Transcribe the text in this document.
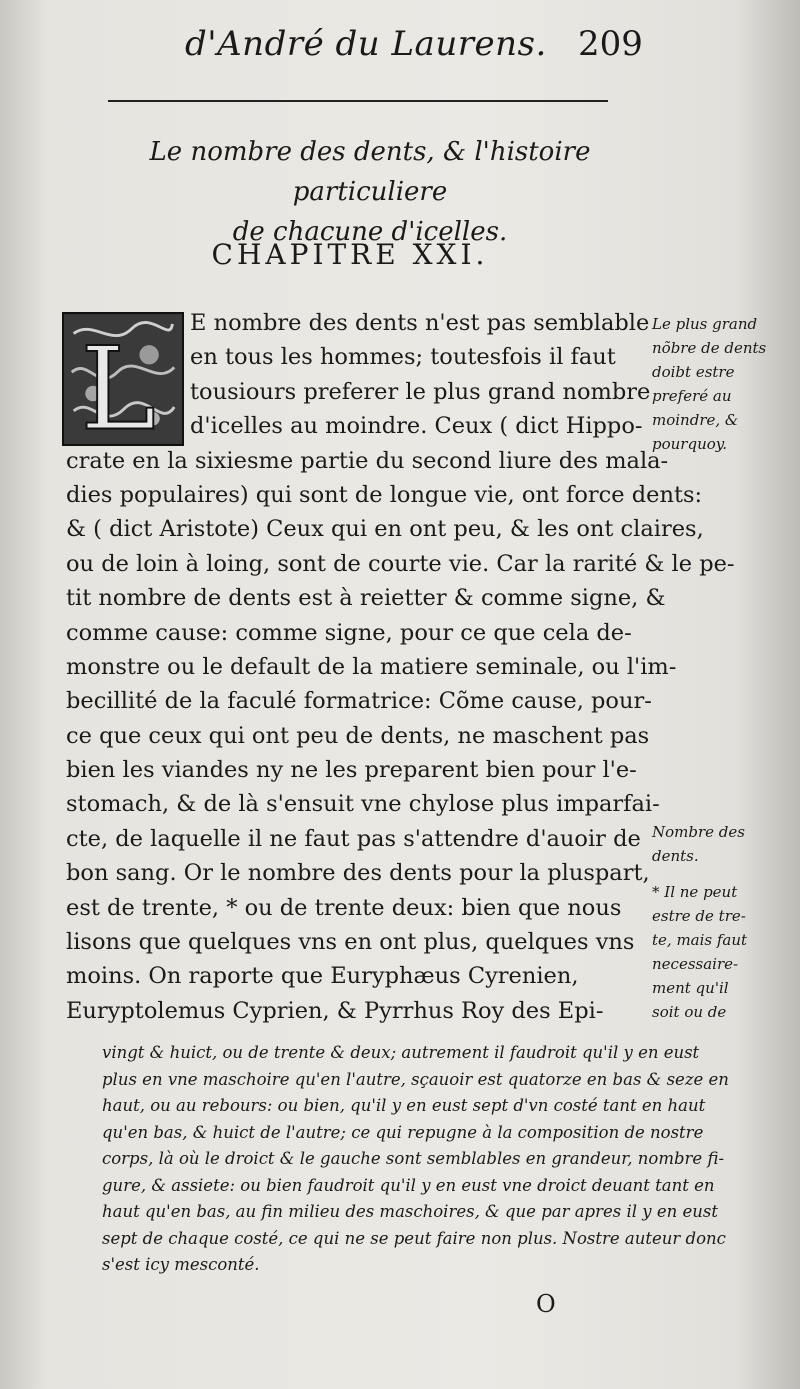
d'André du Laurens. 209
Le nombre des dents, & l'histoire particuliere
de chacune d'icelles.
CHAPITRE XXI.
L	E nombre des dents n'est pas semblable
en tous les hommes; toutesfois il faut
tousiours preferer le plus grand nombre
d'icelles au moindre. Ceux ( dict Hippo-
crate en la sixiesme partie du second liure des mala-
dies populaires) qui sont de longue vie, ont force dents:
& ( dict Aristote) Ceux qui en ont peu, & les ont claires,
ou de loin à loing, sont de courte vie. Car la rarité & le pe-
tit nombre de dents est à reietter & comme signe, &
comme cause: comme signe, pour ce que cela de-
monstre ou le default de la matiere seminale, ou l'im-
becillité de la faculé formatrice: Cõme cause, pour-
ce que ceux qui ont peu de dents, ne maschent pas
bien les viandes ny ne les preparent bien pour l'e-
stomach, & de là s'ensuit vne chylose plus imparfai-
cte, de laquelle il ne faut pas s'attendre d'auoir de
bon sang. Or le nombre des dents pour la pluspart,
est de trente, * ou de trente deux: bien que nous
lisons que quelques vns en ont plus, quelques vns
moins. On raporte que Euryphæus Cyrenien,
Euryptolemus Cyprien, & Pyrrhus Roy des Epi-
Le plus grand
nõbre de dents
doibt estre
preferé au
moindre, &
pourquoy.
Nombre des
dents.
* Il ne peut
estre de tre-
te, mais faut
necessaire-
ment qu'il
soit ou de
vingt & huict, ou de trente & deux; autrement il faudroit qu'il y en eust
plus en vne maschoire qu'en l'autre, sçauoir est quatorze en bas & seze en
haut, ou au rebours: ou bien, qu'il y en eust sept d'vn costé tant en haut
qu'en bas, & huict de l'autre; ce qui repugne à la composition de nostre
corps, là où le droict & le gauche sont semblables en grandeur, nombre fi-
gure, & assiete: ou bien faudroit qu'il y en eust vne droict deuant tant en
haut qu'en bas, au fin milieu des maschoires, & que par apres il y en eust
sept de chaque costé, ce qui ne se peut faire non plus. Nostre auteur donc
s'est icy mesconté.
O
